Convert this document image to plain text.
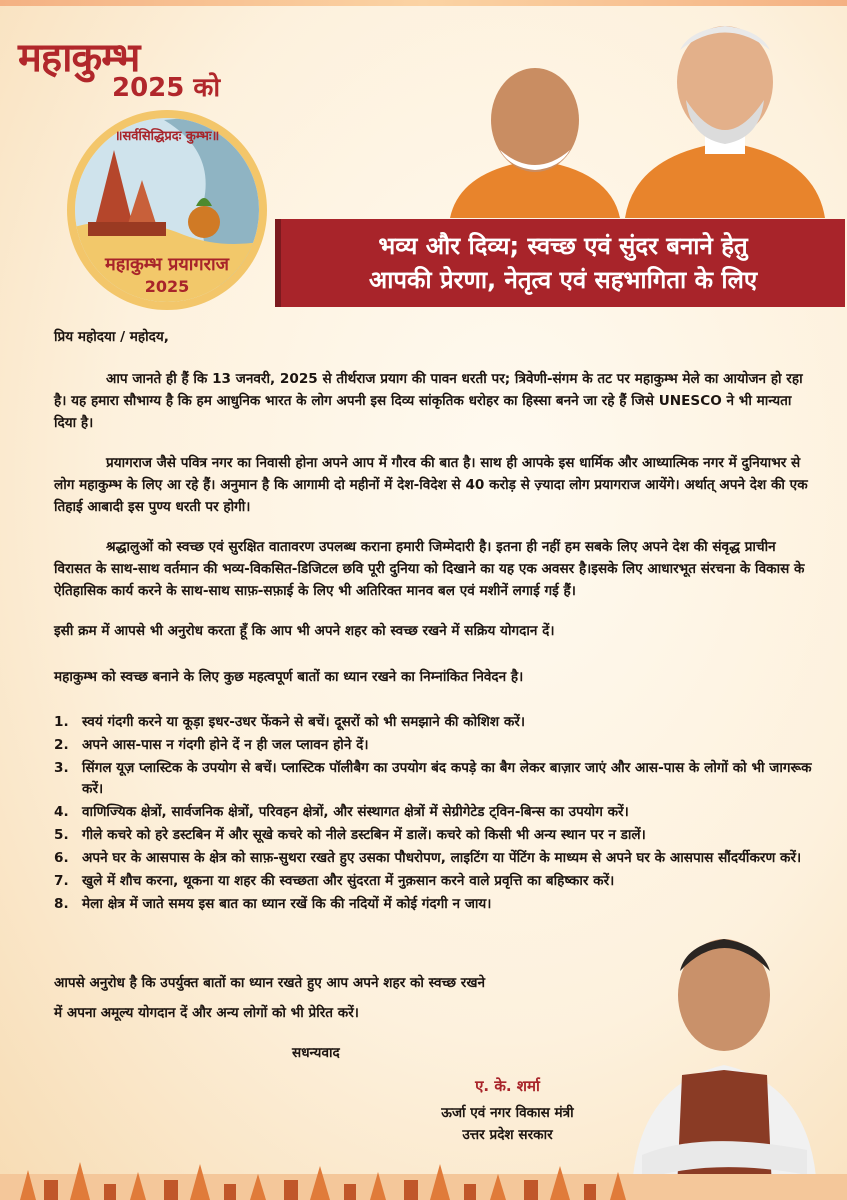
महाकुम्भ
2025 को
॥सर्वसिद्धिप्रदः कुम्भः॥
महाकुम्भ प्रयागराज
2025
भव्य और दिव्य; स्वच्छ एवं सुंदर बनाने हेतु
आपकी प्रेरणा, नेतृत्व एवं सहभागिता के लिए

प्रिय महोदया / महोदय,

आप जानते ही हैं कि 13 जनवरी, 2025 से तीर्थराज प्रयाग की पावन धरती पर; त्रिवेणी-संगम के तट पर महाकुम्भ मेले का आयोजन हो रहा है। यह हमारा सौभाग्य है कि हम आधुनिक भारत के लोग अपनी इस दिव्य सांकृतिक धरोहर का हिस्सा बनने जा रहे हैं जिसे UNESCO ने भी मान्यता दिया है।

प्रयागराज जैसे पवित्र नगर का निवासी होना अपने आप में गौरव की बात है। साथ ही आपके इस धार्मिक और आध्यात्मिक नगर में दुनियाभर से लोग महाकुम्भ के लिए आ रहे हैं। अनुमान है कि आगामी दो महीनों में देश-विदेश से 40 करोड़ से ज़्यादा लोग प्रयागराज आयेंगे। अर्थात् अपने देश की एक तिहाई आबादी इस पुण्य धरती पर होगी।

श्रद्धालुओं को स्वच्छ एवं सुरक्षित वातावरण उपलब्ध कराना हमारी जिम्मेदारी है। इतना ही नहीं हम सबके लिए अपने देश की संवृद्ध प्राचीन विरासत के साथ-साथ वर्तमान की भव्य-विकसित-डिजिटल छवि पूरी दुनिया को दिखाने का यह एक अवसर है।इसके लिए आधारभूत संरचना के विकास के ऐतिहासिक कार्य करने के साथ-साथ साफ़-सफ़ाई के लिए भी अतिरिक्त मानव बल एवं मशीनें लगाई गई हैं।

इसी क्रम में आपसे भी अनुरोध करता हूँ कि आप भी अपने शहर को स्वच्छ रखने में सक्रिय योगदान दें।

महाकुम्भ को स्वच्छ बनाने के लिए कुछ महत्वपूर्ण बातों का ध्यान रखने का निम्नांकित निवेदन है।

1. स्वयं गंदगी करने या कूड़ा इधर-उधर फेंकने से बचें। दूसरों को भी समझाने की कोशिश करें।
2. अपने आस-पास न गंदगी होने दें न ही जल प्लावन होने दें।
3. सिंगल यूज़ प्लास्टिक के उपयोग से बचें। प्लास्टिक पॉलीबैग का उपयोग बंद कपड़े का बैग लेकर बाज़ार जाएं और आस-पास के लोगों को भी जागरूक करें।
4. वाणिज्यिक क्षेत्रों, सार्वजनिक क्षेत्रों, परिवहन क्षेत्रों, और संस्थागत क्षेत्रों में सेग्रीगेटेड ट्विन-बिन्स का उपयोग करें।
5. गीले कचरे को हरे डस्टबिन में और सूखे कचरे को नीले डस्टबिन में डालें। कचरे को किसी भी अन्य स्थान पर न डालें।
6. अपने घर के आसपास के क्षेत्र को साफ़-सुथरा रखते हुए उसका पौधरोपण, लाइटिंग या पेंटिंग के माध्यम से अपने घर के आसपास सौंदर्यीकरण करें।
7. खुले में शौच करना, थूकना या शहर की स्वच्छता और सुंदरता में नुक़सान करने वाले प्रवृत्ति का बहिष्कार करें।
8. मेला क्षेत्र में जाते समय इस बात का ध्यान रखें कि की नदियों में कोई गंदगी न जाय।
आपसे अनुरोध है कि उपर्युक्त बातों का ध्यान रखते हुए आप अपने शहर को स्वच्छ रखने
में अपना अमूल्य योगदान दें और अन्य लोगों को भी प्रेरित करें।
सधन्यवाद
ए. के. शर्मा
ऊर्जा एवं नगर विकास मंत्री
उत्तर प्रदेश सरकार
